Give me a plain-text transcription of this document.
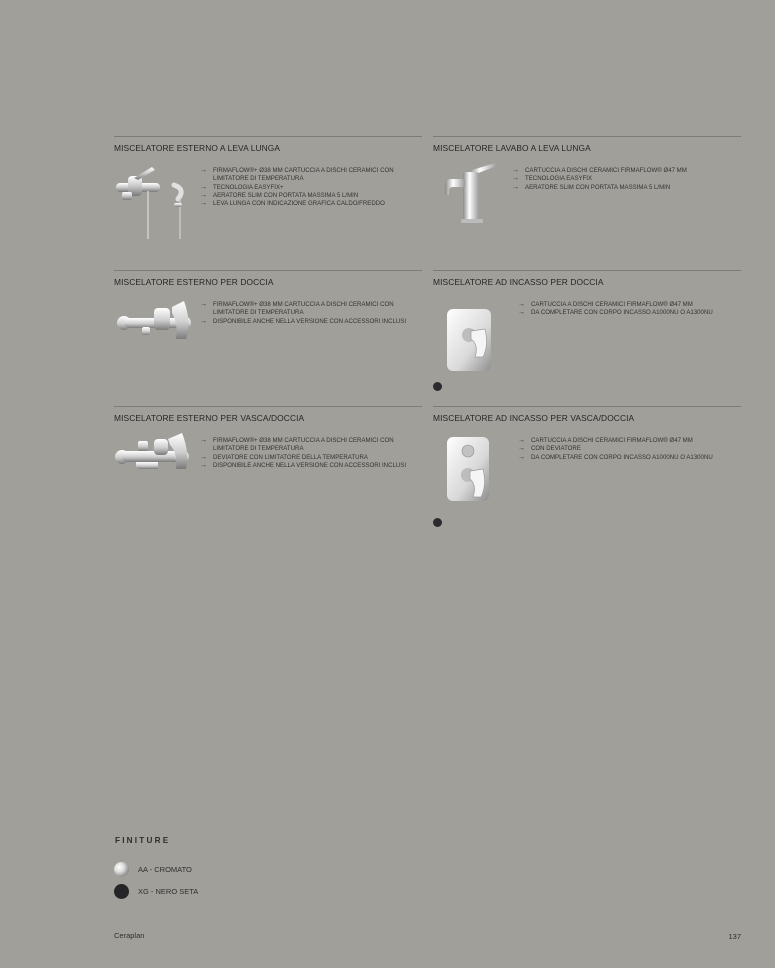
MISCELATORE ESTERNO A LEVA LUNGA
→ FIRMAFLOW®+ Ø38 MM CARTUCCIA A DISCHI CERAMICI CON LIMITATORE DI TEMPERATURA
→ TECNOLOGIA EASYFIX+
→ AERATORE SLIM CON PORTATA MASSIMA 5 L/MIN
→ LEVA LUNGA CON INDICAZIONE GRAFICA CALDO/FREDDO
MISCELATORE LAVABO A LEVA LUNGA
→ CARTUCCIA A DISCHI CERAMICI FIRMAFLOW® Ø47 MM
→ TECNOLOGIA EASYFIX
→ AERATORE SLIM CON PORTATA MASSIMA 5 L/MIN
MISCELATORE ESTERNO PER DOCCIA
→ FIRMAFLOW®+ Ø38 MM CARTUCCIA A DISCHI CERAMICI CON LIMITATORE DI TEMPERATURA
→ DISPONIBILE ANCHE NELLA VERSIONE CON ACCESSORI INCLUSI
MISCELATORE AD INCASSO PER DOCCIA
→ CARTUCCIA A DISCHI CERAMICI FIRMAFLOW® Ø47 MM
→ DA COMPLETARE CON CORPO INCASSO A1000NU O A1300NU
MISCELATORE ESTERNO PER VASCA/DOCCIA
→ FIRMAFLOW®+ Ø38 MM CARTUCCIA A DISCHI CERAMICI CON LIMITATORE DI TEMPERATURA
→ DEVIATORE CON LIMITATORE DELLA TEMPERATURA
→ DISPONIBILE ANCHE NELLA VERSIONE CON ACCESSORI INCLUSI
MISCELATORE AD INCASSO PER VASCA/DOCCIA
→ CARTUCCIA A DISCHI CERAMICI FIRMAFLOW® Ø47 MM
→ CON DEVIATORE
→ DA COMPLETARE CON CORPO INCASSO A1000NU O A1300NU
FINITURE
AA - CROMATO
XG - NERO SETA
Ceraplan	137
